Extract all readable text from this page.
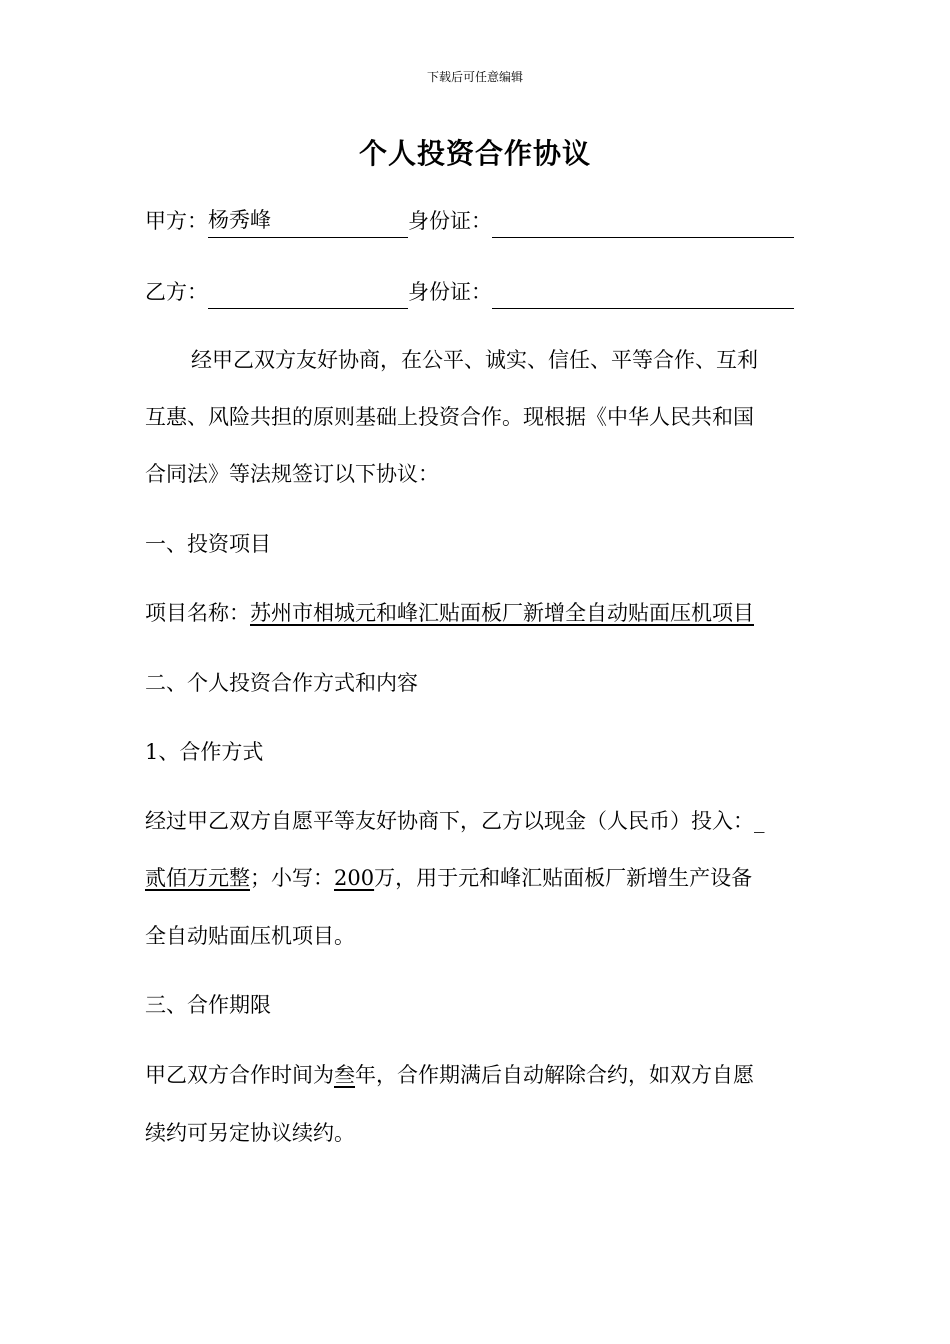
下载后可任意编辑
个人投资合作协议
甲方： 杨秀峰	身份证：
乙方：	身份证：
经甲乙双方友好协商，在公平、诚实、信任、平等合作、互利
互惠、风险共担的原则基础上投资合作。现根据《中华人民共和国
合同法》等法规签订以下协议：
一、投资项目
项目名称：苏州市相城元和峰汇贴面板厂新增全自动贴面压机项目
二、个人投资合作方式和内容
1、合作方式
经过甲乙双方自愿平等友好协商下，乙方以现金（人民币）投入：_
贰佰万元整；小写：200万，用于元和峰汇贴面板厂新增生产设备
全自动贴面压机项目。
三、合作期限
甲乙双方合作时间为叁年，合作期满后自动解除合约，如双方自愿
续约可另定协议续约。
